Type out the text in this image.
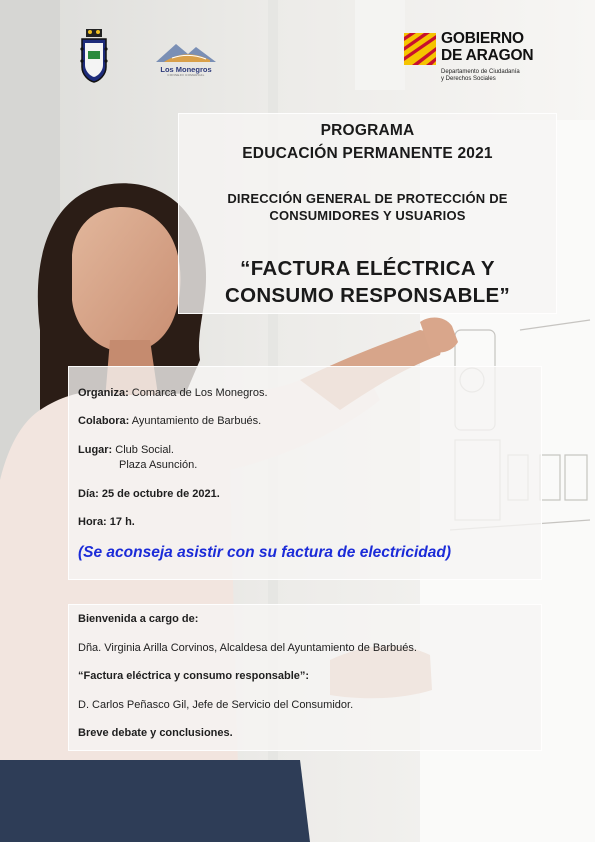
Los Monegros
CONSEJO COMARCAL
GOBIERNO
DE ARAGON
Departamento de Ciudadanía
y Derechos Sociales
PROGRAMA
EDUCACIÓN PERMANENTE 2021
DIRECCIÓN GENERAL DE PROTECCIÓN DE
CONSUMIDORES Y USUARIOS
“FACTURA ELÉCTRICA Y
CONSUMO RESPONSABLE”
Organiza: Comarca de Los Monegros.
Colabora: Ayuntamiento de Barbués.
Lugar: Club Social.
Plaza Asunción.
Día: 25 de octubre de 2021.
Hora: 17 h.
(Se aconseja asistir con su factura de electricidad)
Bienvenida a cargo de:
Dña. Virginia Arilla Corvinos, Alcaldesa del Ayuntamiento de Barbués.
“Factura eléctrica y consumo responsable”:
D. Carlos Peñasco Gil, Jefe de Servicio del Consumidor.
Breve debate y conclusiones.
